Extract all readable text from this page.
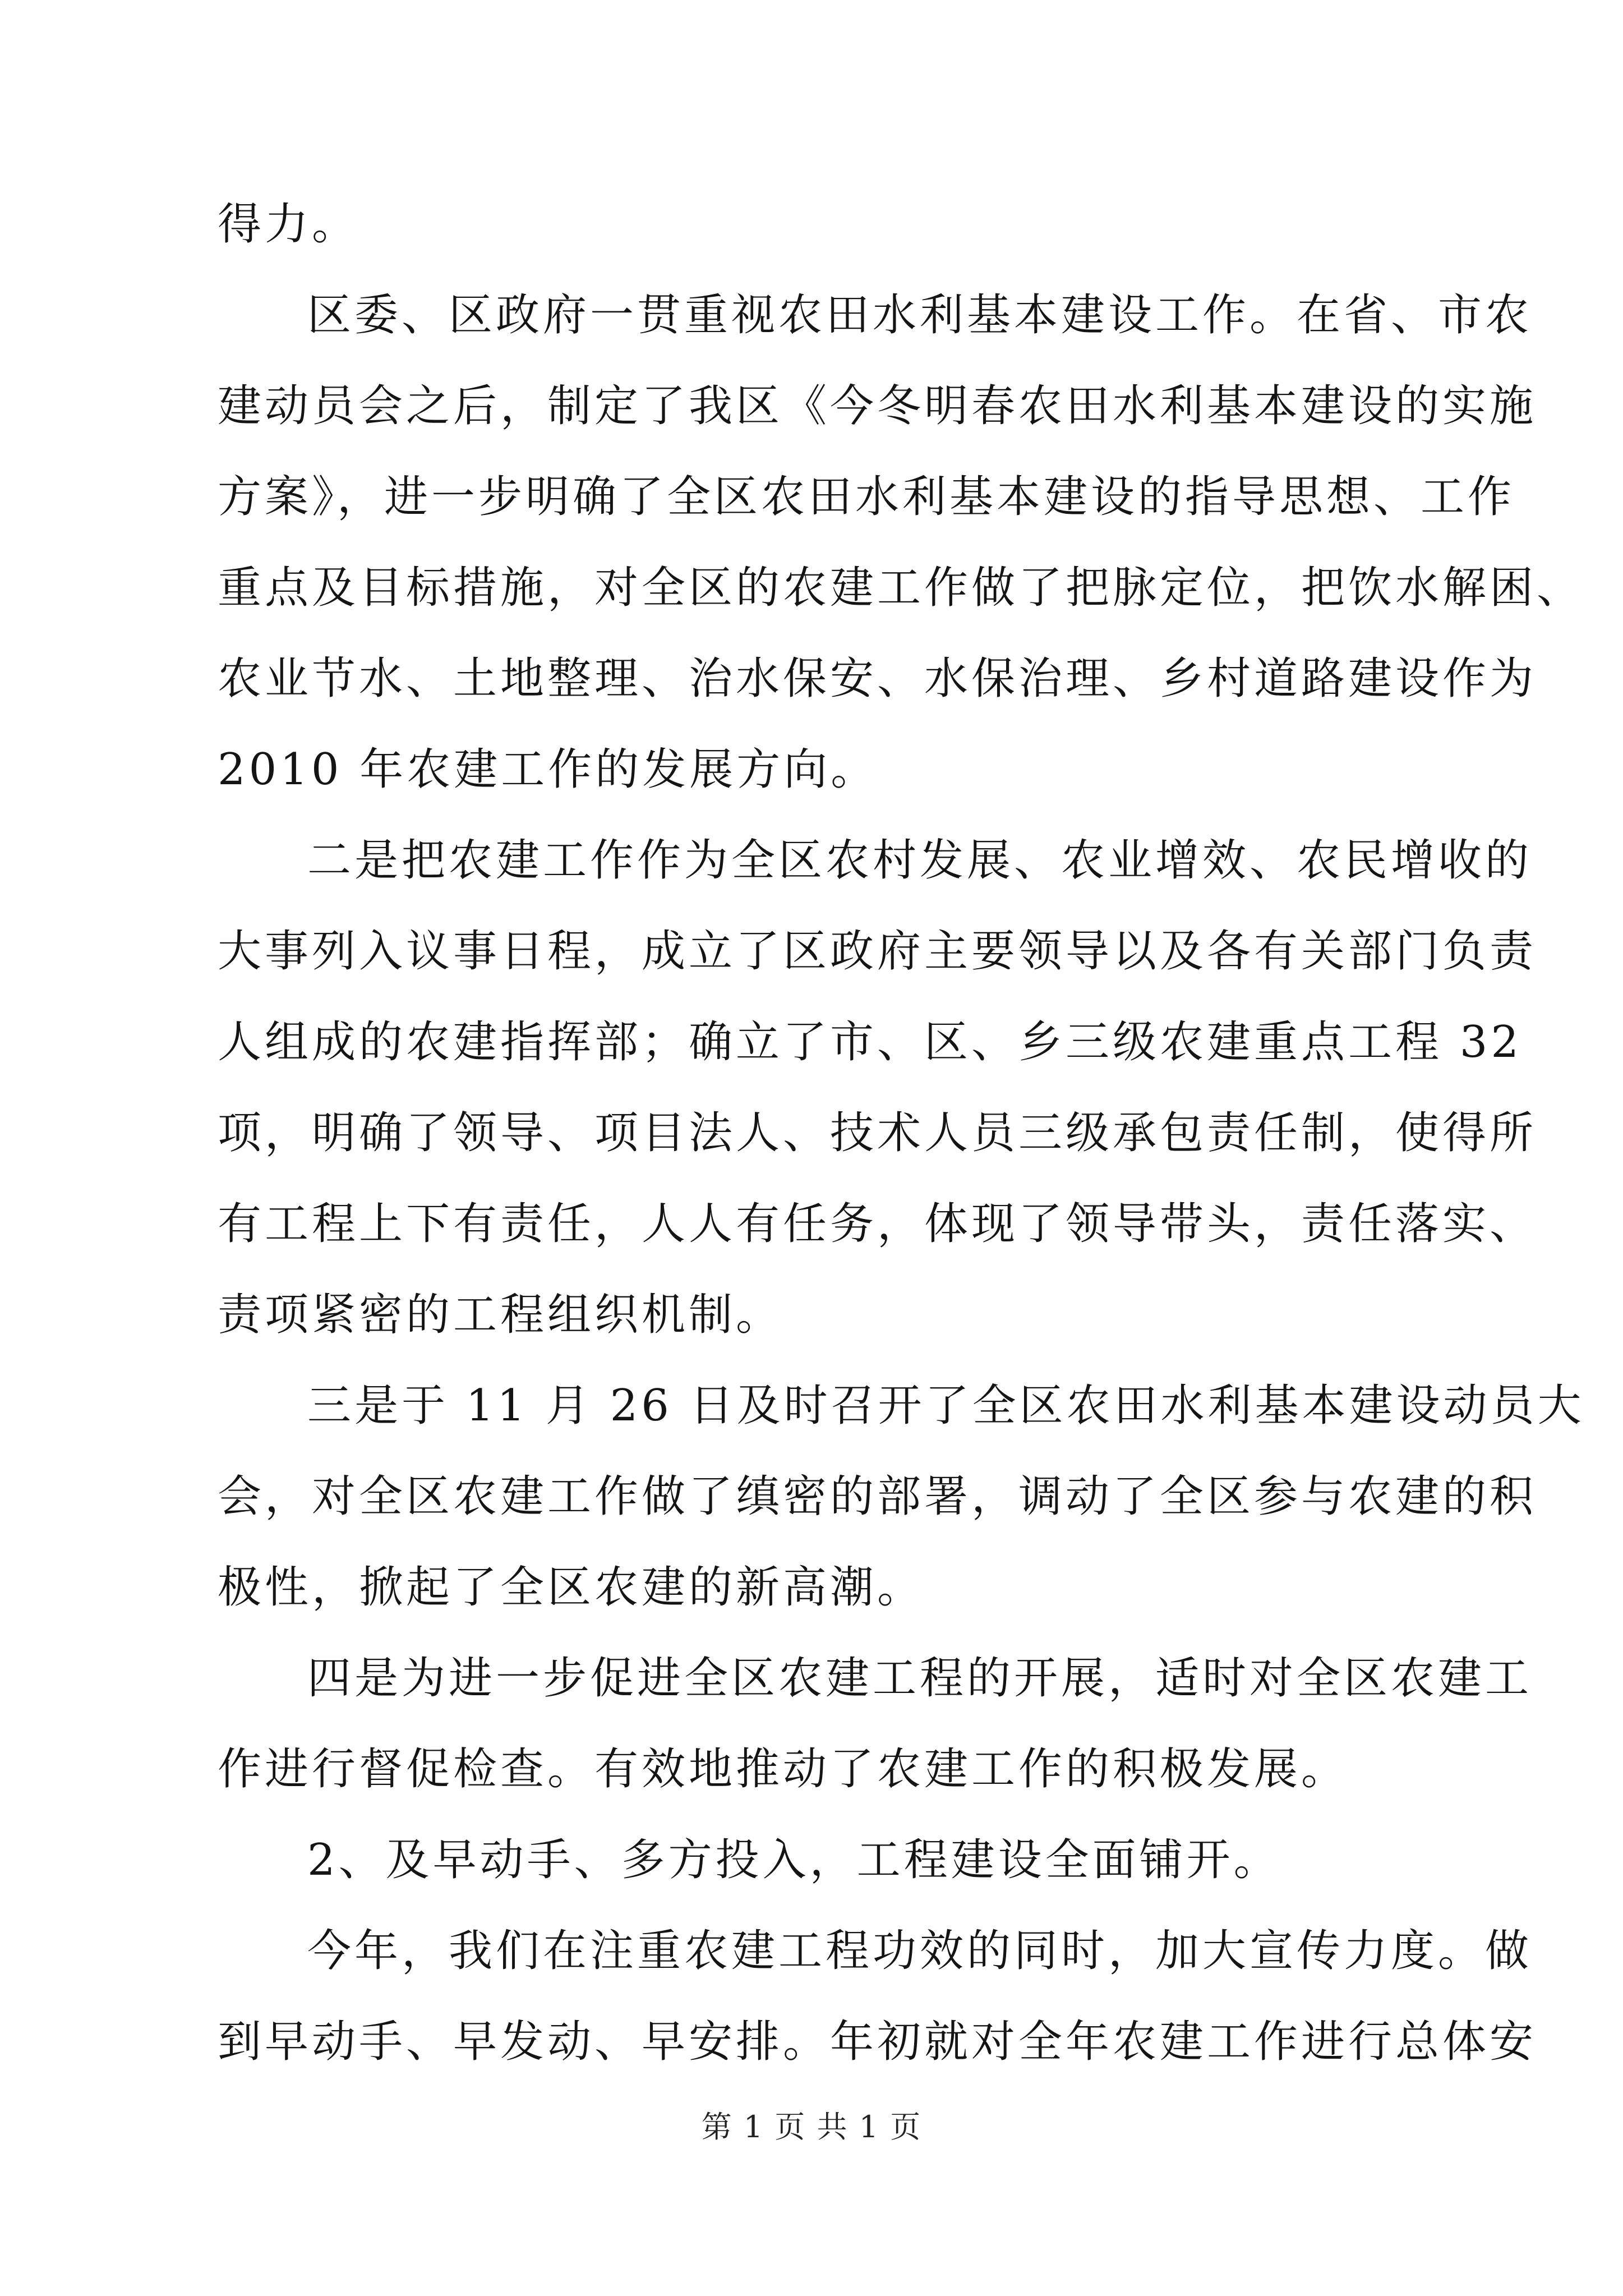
得力。
区委、区政府一贯重视农田水利基本建设工作。在省、市农
建动员会之后，制定了我区《今冬明春农田水利基本建设的实施
方案》，进一步明确了全区农田水利基本建设的指导思想、工作
重点及目标措施，对全区的农建工作做了把脉定位，把饮水解困、
农业节水、土地整理、治水保安、水保治理、乡村道路建设作为
2010 年农建工作的发展方向。
二是把农建工作作为全区农村发展、农业增效、农民增收的
大事列入议事日程，成立了区政府主要领导以及各有关部门负责
人组成的农建指挥部；确立了市、区、乡三级农建重点工程 32
项，明确了领导、项目法人、技术人员三级承包责任制，使得所
有工程上下有责任，人人有任务，体现了领导带头，责任落实、
责项紧密的工程组织机制。
三是于 11 月 26 日及时召开了全区农田水利基本建设动员大
会，对全区农建工作做了缜密的部署，调动了全区参与农建的积
极性，掀起了全区农建的新高潮。
四是为进一步促进全区农建工程的开展，适时对全区农建工
作进行督促检查。有效地推动了农建工作的积极发展。
2、及早动手、多方投入，工程建设全面铺开。
今年，我们在注重农建工程功效的同时，加大宣传力度。做
到早动手、早发动、早安排。年初就对全年农建工作进行总体安
第 1 页 共 1 页
